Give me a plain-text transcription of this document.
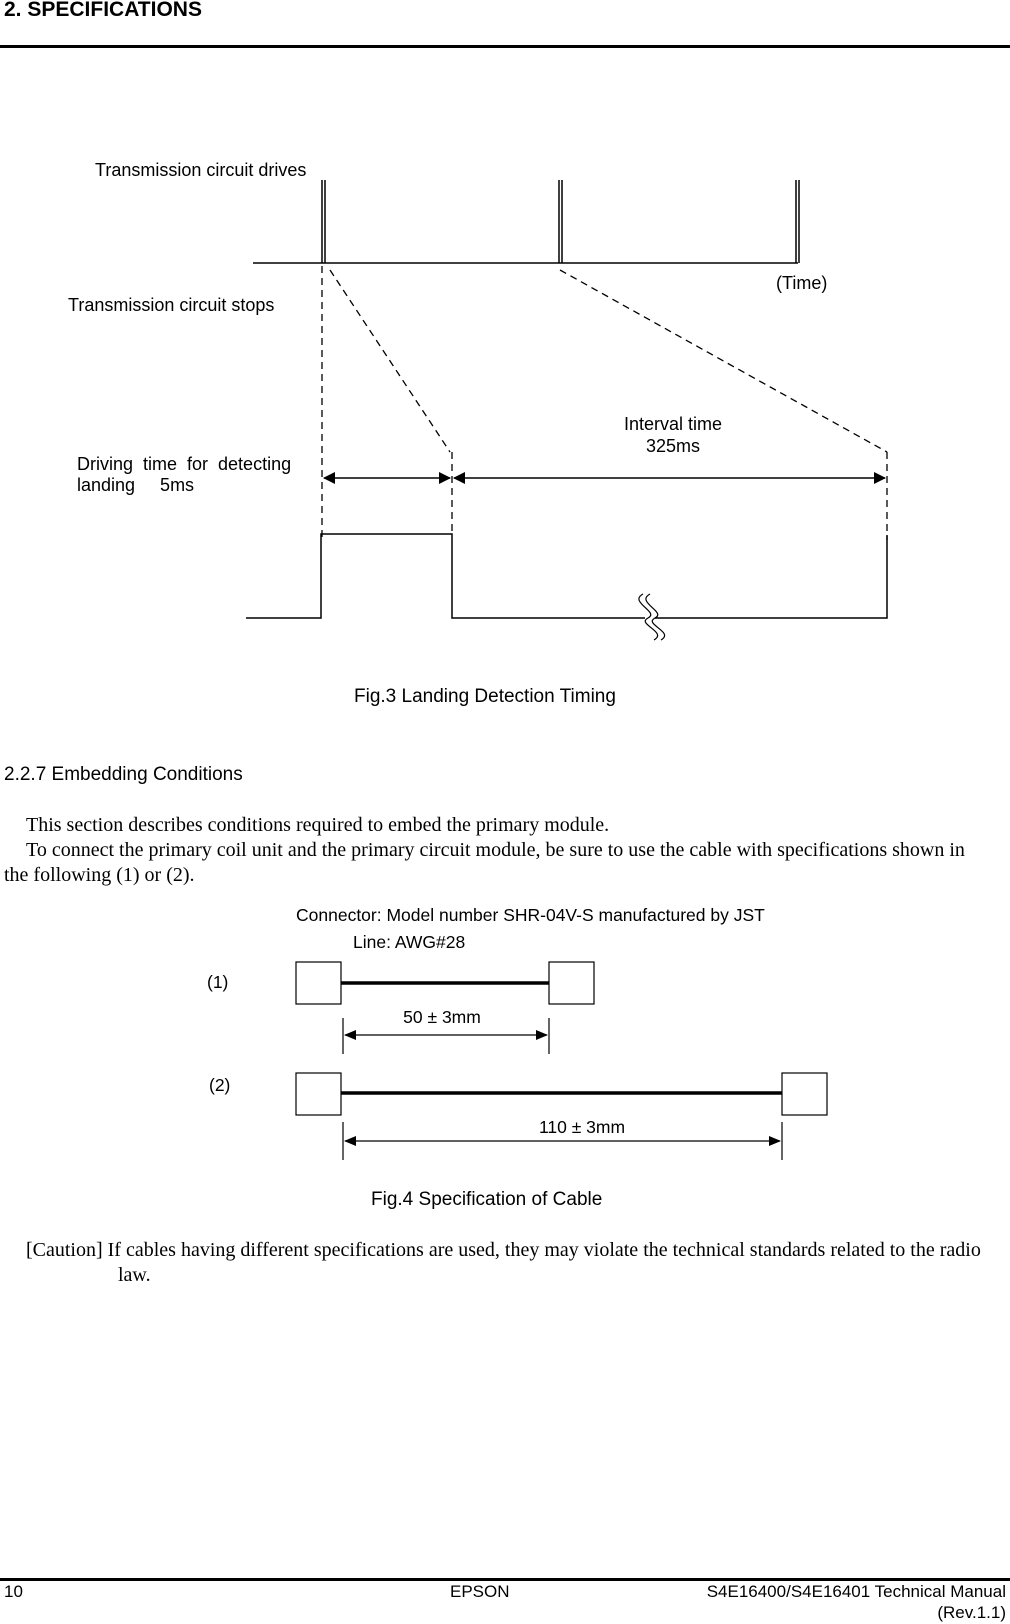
2. SPECIFICATIONS
Transmission circuit drives
Transmission circuit stops
(Time)
Interval time
325ms
Driving  time  for  detecting
landing     5ms
Fig.3 Landing Detection Timing
2.2.7 Embedding Conditions
This section describes conditions required to embed the primary module.
To connect the primary coil unit and the primary circuit module, be sure to use the cable with specifications shown in the following (1) or (2).
Connector: Model number SHR-04V-S manufactured by JST
Line: AWG#28
(1)
50 ± 3mm
(2)
110 ± 3mm
Fig.4 Specification of Cable
[Caution] If cables having different specifications are used, they may violate the technical standards related to the radio law.
10	EPSON	S4E16400/S4E16401 Technical Manual
(Rev.1.1)
